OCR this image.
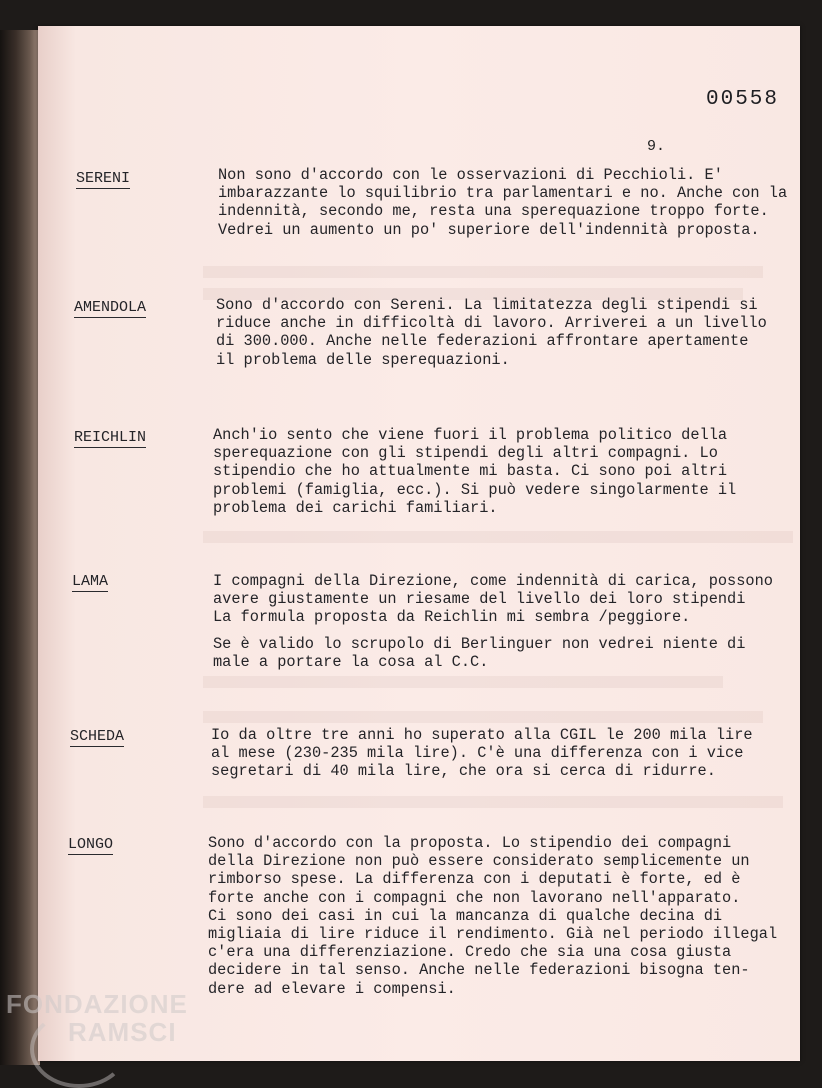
00558
9.
SERENI	Non sono d'accordo con le osservazioni di Pecchioli. E'
imbarazzante lo squilibrio tra parlamentari e no. Anche con la
indennità, secondo me, resta una sperequazione troppo forte.
Vedrei un aumento un po' superiore dell'indennità proposta.
AMENDOLA	Sono d'accordo con Sereni. La limitatezza degli stipendi si
riduce anche in difficoltà di lavoro. Arriverei a un livello
di 300.000. Anche nelle federazioni affrontare apertamente
il problema delle sperequazioni.
REICHLIN	Anch'io sento che viene fuori il problema politico della
sperequazione con gli stipendi degli altri compagni. Lo
stipendio che ho attualmente mi basta. Ci sono poi altri
problemi (famiglia, ecc.). Si può vedere singolarmente il
problema dei carichi familiari.
LAMA	I compagni della Direzione, come indennità di carica, possono
avere giustamente un riesame del livello dei loro stipendi
La formula proposta da Reichlin mi sembra /peggiore.
Se è valido lo scrupolo di Berlinguer non vedrei niente di
male a portare la cosa al C.C.
SCHEDA	Io da oltre tre anni ho superato alla CGIL le 200 mila lire
al mese (230-235 mila lire). C'è una differenza con i vice
segretari di 40 mila lire, che ora si cerca di ridurre.
LONGO	Sono d'accordo con la proposta. Lo stipendio dei compagni
della Direzione non può essere considerato semplicemente un
rimborso spese. La differenza con i deputati è forte, ed è
forte anche con i compagni che non lavorano nell'apparato.
Ci sono dei casi in cui la mancanza di qualche decina di
migliaia di lire riduce il rendimento. Già nel periodo illegal
c'era una differenziazione. Credo che sia una cosa giusta
decidere in tal senso. Anche nelle federazioni bisogna ten-
dere ad elevare i compensi.
FONDAZIONE
RAMSCI
